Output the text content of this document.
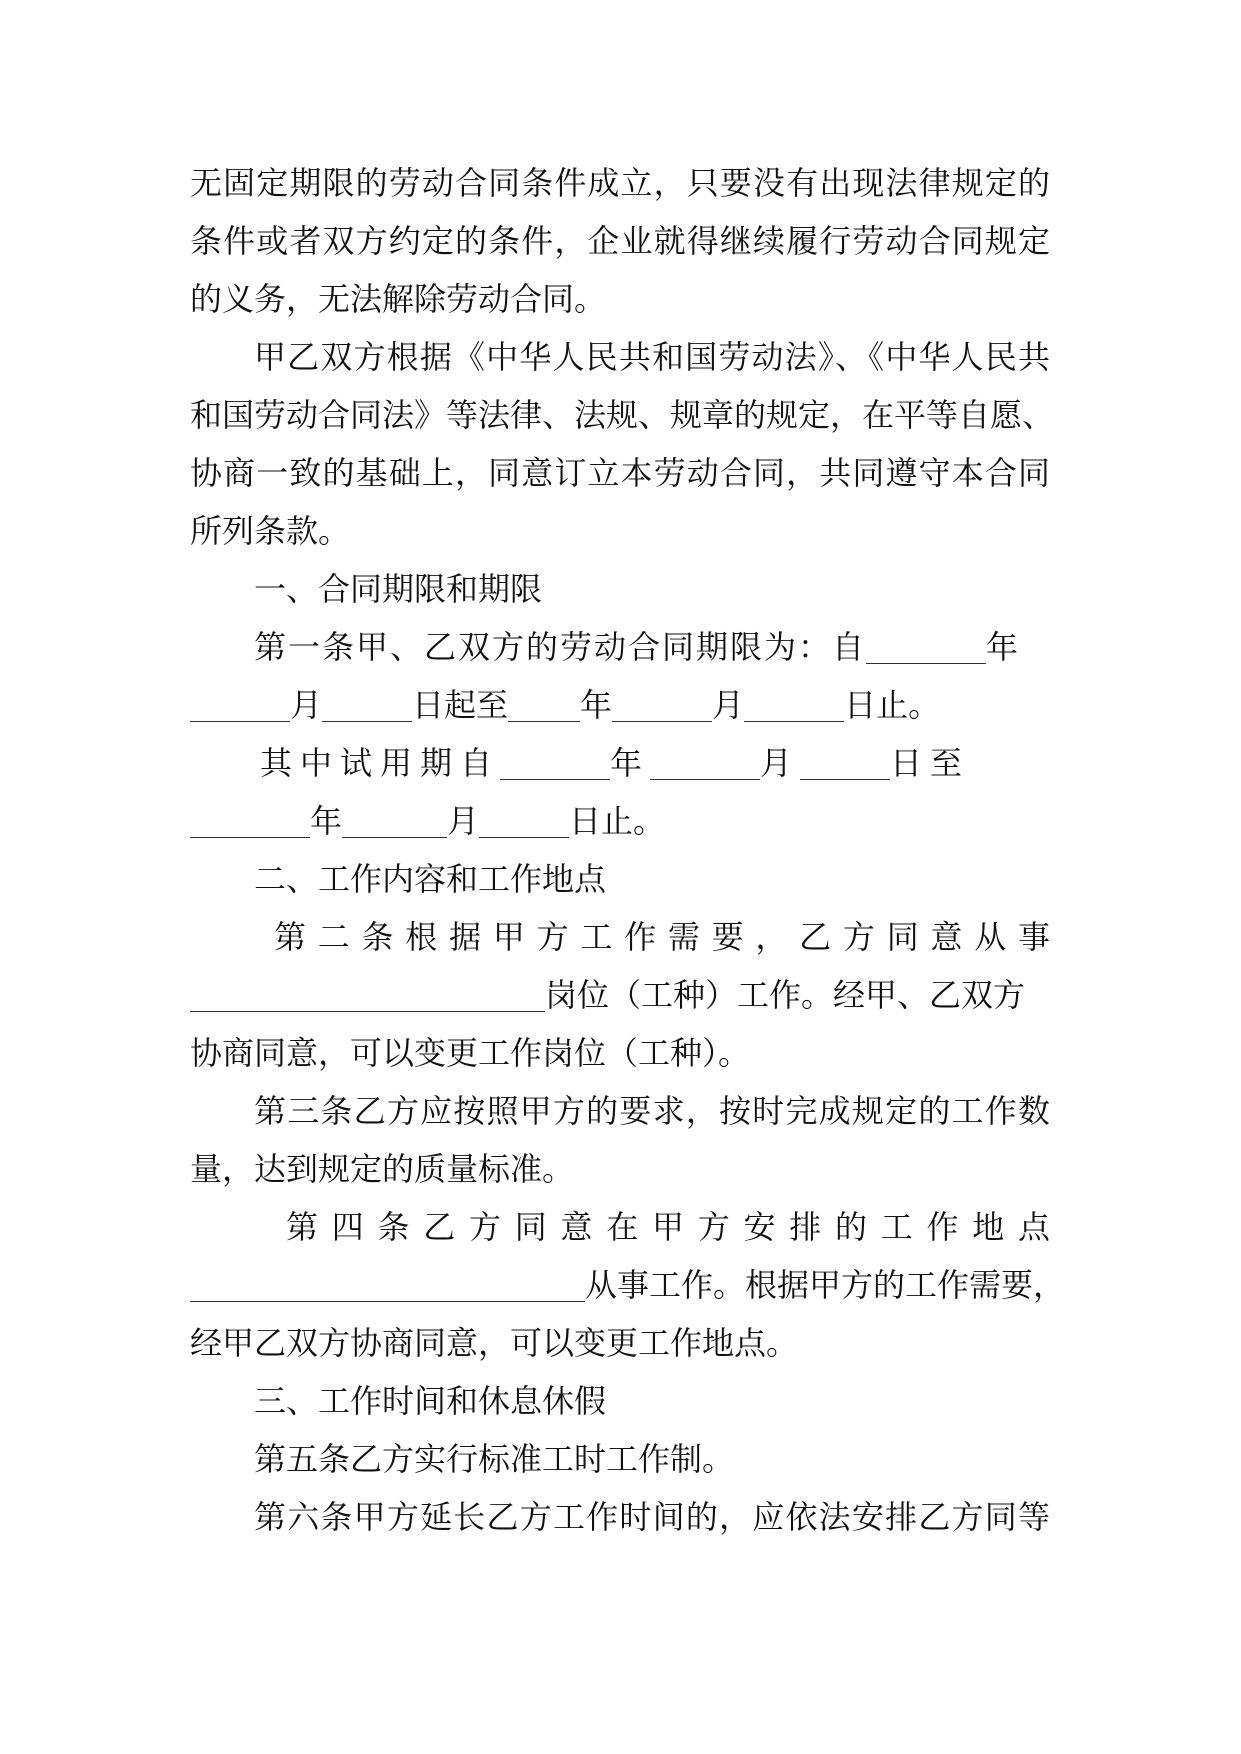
无固定期限的劳动合同条件成立，只要没有出现法律规定的
条件或者双方约定的条件，企业就得继续履行劳动合同规定
的义务，无法解除劳动合同。
甲乙双方根据《中华人民共和国劳动法》、《中华人民共
和国劳动合同法》等法律、法规、规章的规定，在平等自愿、
协商一致的基础上，同意订立本劳动合同，共同遵守本合同
所列条款。
一、合同期限和期限
第一条甲、乙双方的劳动合同期限为：自	年
月	日起至 年	月	日止。
其中试用期自	年	月	日至
年	月	日止。
二、工作内容和工作地点
第二条根据甲方工作需要，乙方同意从事
岗位（工种）工作。经甲、乙双方
协商同意，可以变更工作岗位（工种）。
第三条乙方应按照甲方的要求，按时完成规定的工作数
量，达到规定的质量标准。
第四条乙方同意在甲方安排的工作地点
从事工作。根据甲方的工作需要，
经甲乙双方协商同意，可以变更工作地点。
三、工作时间和休息休假
第五条乙方实行标准工时工作制。
第六条甲方延长乙方工作时间的，应依法安排乙方同等
